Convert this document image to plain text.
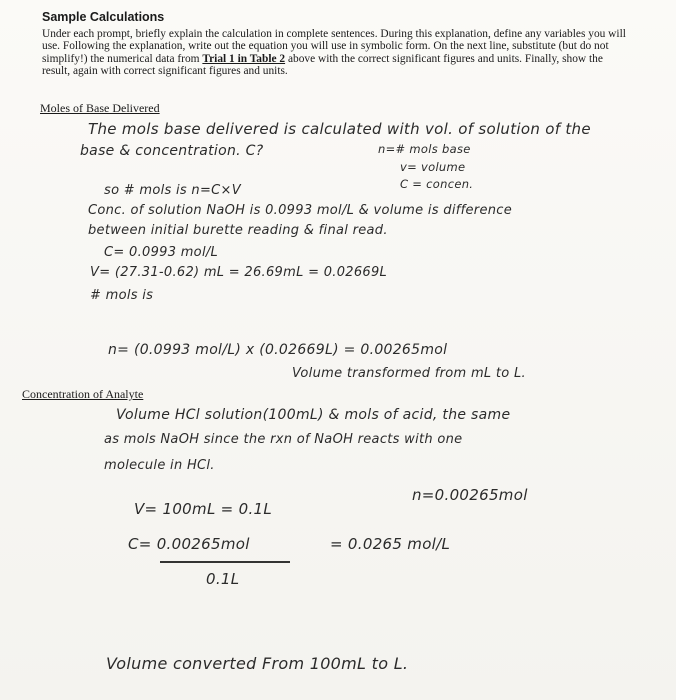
Sample Calculations
Under each prompt, briefly explain the calculation in complete sentences. During this explanation, define any variables you will use. Following the explanation, write out the equation you will use in symbolic form. On the next line, substitute (but do not simplify!) the numerical data from Trial 1 in Table 2 above with the correct significant figures and units. Finally, show the result, again with correct significant figures and units.
Moles of Base Delivered
The mols base delivered is calculated with vol. of solution of the
base & concentration. C?	n=# mols base
v= volume
C = concen.
so # mols is n=C×V
Conc. of solution NaOH is 0.0993 mol/L & volume is difference
between initial burette reading & final read.
C= 0.0993 mol/L
V= (27.31-0.62) mL = 26.69mL = 0.02669L
# mols is
n= (0.0993 mol/L) x (0.02669L) = 0.00265mol
Volume transformed from mL to L.
Concentration of Analyte
Volume HCl solution(100mL) & mols of acid, the same
as mols NaOH since the rxn of NaOH reacts with one
molecule in HCl.
V= 100mL = 0.1L
n=0.00265mol
C= 0.00265mol	= 0.0265 mol/L
0.1L
Volume converted From 100mL to L.
